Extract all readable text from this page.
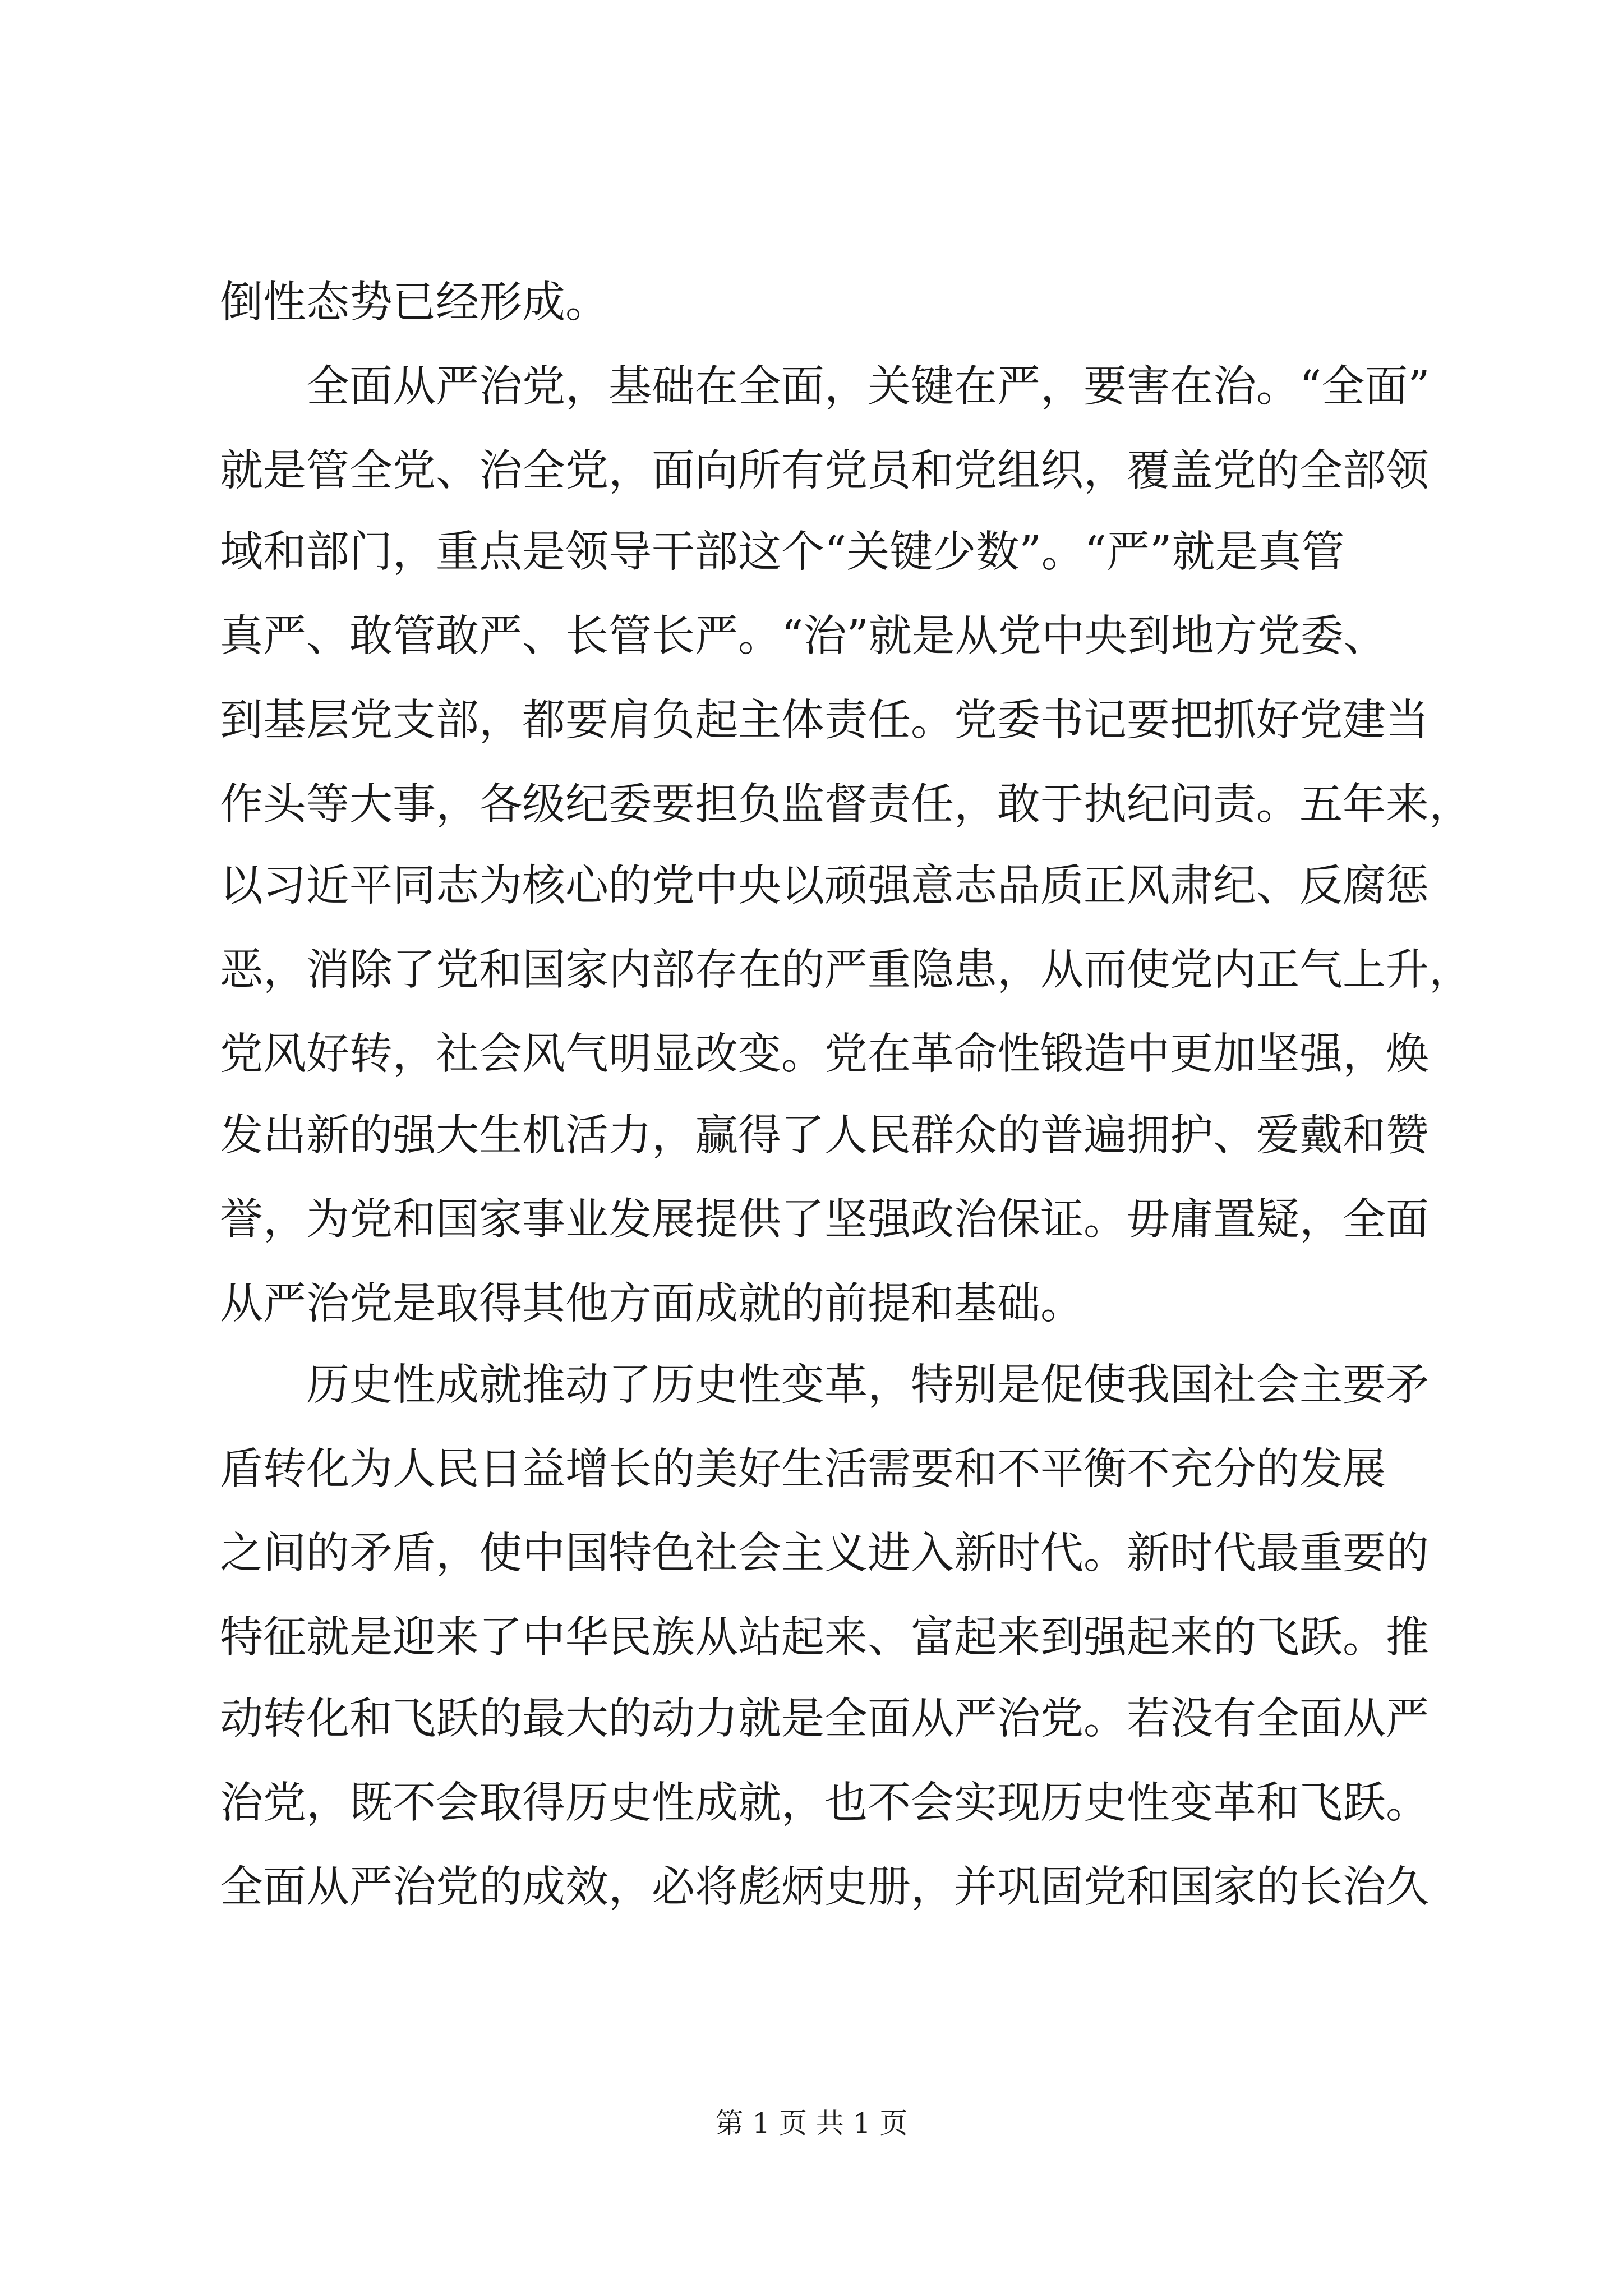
倒性态势已经形成。
　　全面从严治党，基础在全面，关键在严，要害在治。“全面”
就是管全党、治全党，面向所有党员和党组织，覆盖党的全部领
域和部门，重点是领导干部这个“关键少数”。“严”就是真管
真严、敢管敢严、长管长严。“治”就是从党中央到地方党委、
到基层党支部，都要肩负起主体责任。党委书记要把抓好党建当
作头等大事，各级纪委要担负监督责任，敢于执纪问责。五年来，
以习近平同志为核心的党中央以顽强意志品质正风肃纪、反腐惩
恶，消除了党和国家内部存在的严重隐患，从而使党内正气上升，
党风好转，社会风气明显改变。党在革命性锻造中更加坚强，焕
发出新的强大生机活力，赢得了人民群众的普遍拥护、爱戴和赞
誉，为党和国家事业发展提供了坚强政治保证。毋庸置疑，全面
从严治党是取得其他方面成就的前提和基础。
　　历史性成就推动了历史性变革，特别是促使我国社会主要矛
盾转化为人民日益增长的美好生活需要和不平衡不充分的发展
之间的矛盾，使中国特色社会主义进入新时代。新时代最重要的
特征就是迎来了中华民族从站起来、富起来到强起来的飞跃。推
动转化和飞跃的最大的动力就是全面从严治党。若没有全面从严
治党，既不会取得历史性成就，也不会实现历史性变革和飞跃。
全面从严治党的成效，必将彪炳史册，并巩固党和国家的长治久
第 1 页 共 1 页
